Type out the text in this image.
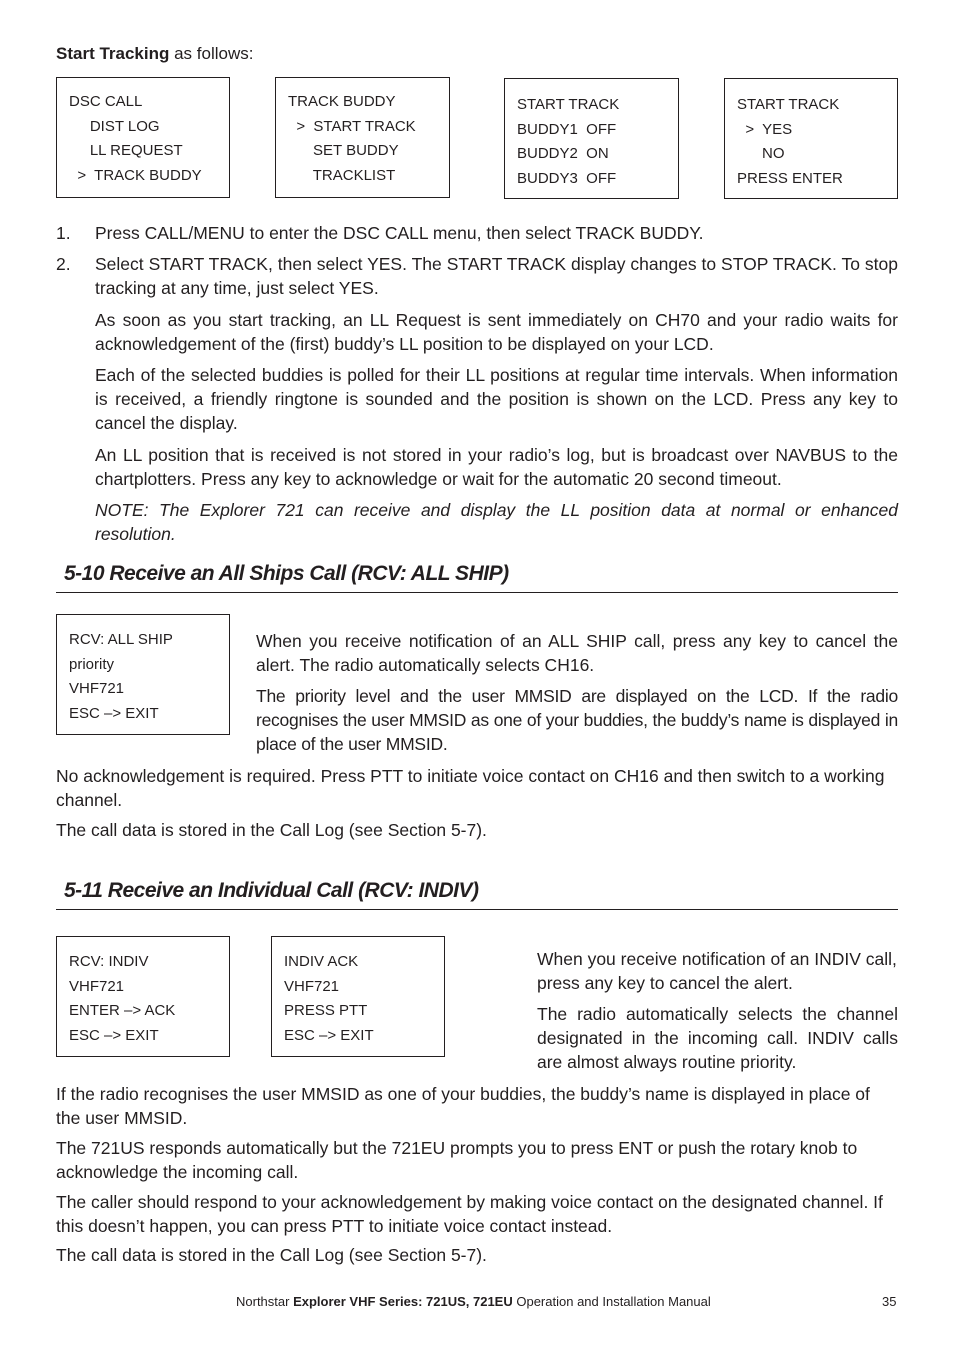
Start Tracking as follows:
DSC CALL
DIST LOG
LL REQUEST
>  TRACK BUDDY
TRACK BUDDY
>  START TRACK
SET BUDDY
TRACKLIST
START TRACK
BUDDY1  OFF
BUDDY2  ON
BUDDY3  OFF
START TRACK
>  YES
NO
PRESS ENTER
1. Press CALL/MENU to enter the DSC CALL menu, then select TRACK BUDDY.

2. Select START TRACK, then select YES. The START TRACK display changes to STOP TRACK. To stop tracking at any time, just select YES.

As soon as you start tracking, an LL Request is sent immediately on CH70 and your radio waits for acknowledgement of the (first) buddy’s LL position to be displayed on your LCD.

Each of the selected buddies is polled for their LL positions at regular time intervals. When information is received, a friendly ringtone is sounded and the position is shown on the LCD. Press any key to cancel the display.

An LL position that is received is not stored in your radio’s log, but is broadcast over NAVBUS to the chartplotters. Press any key to acknowledge or wait for the automatic 20 second timeout.

NOTE: The Explorer 721 can receive and display the LL position data at normal or enhanced resolution.

5-10 Receive an All Ships Call (RCV: ALL SHIP)
RCV: ALL SHIP
priority
VHF721
ESC –> EXIT

When you receive notification of an ALL SHIP call, press any key to cancel the alert. The radio automatically selects CH16.

The priority level and the user MMSID are displayed on the LCD. If the radio recognises the user MMSID as one of your buddies, the buddy’s name is displayed in place of the user MMSID.

No acknowledgement is required. Press PTT to initiate voice contact on CH16 and then switch to a working channel.

The call data is stored in the Call Log (see Section 5-7).

5-11 Receive an Individual Call (RCV: INDIV)
RCV: INDIV
VHF721
ENTER –> ACK
ESC –> EXIT
INDIV ACK
VHF721
PRESS PTT
ESC –> EXIT

When you receive notification of an INDIV call, press any key to cancel the alert.

The radio automatically selects the channel designated in the incoming call. INDIV calls are almost always routine priority.

If the radio recognises the user MMSID as one of your buddies, the buddy’s name is displayed in place of the user MMSID.

The 721US responds automatically but the 721EU prompts you to press ENT or push the rotary knob to acknowledge the incoming call.

The caller should respond to your acknowledgement by making voice contact on the designated channel. If this doesn’t happen, you can press PTT to initiate voice contact instead.

The call data is stored in the Call Log (see Section 5-7).

Northstar Explorer VHF Series: 721US, 721EU Operation and Installation Manual	35
